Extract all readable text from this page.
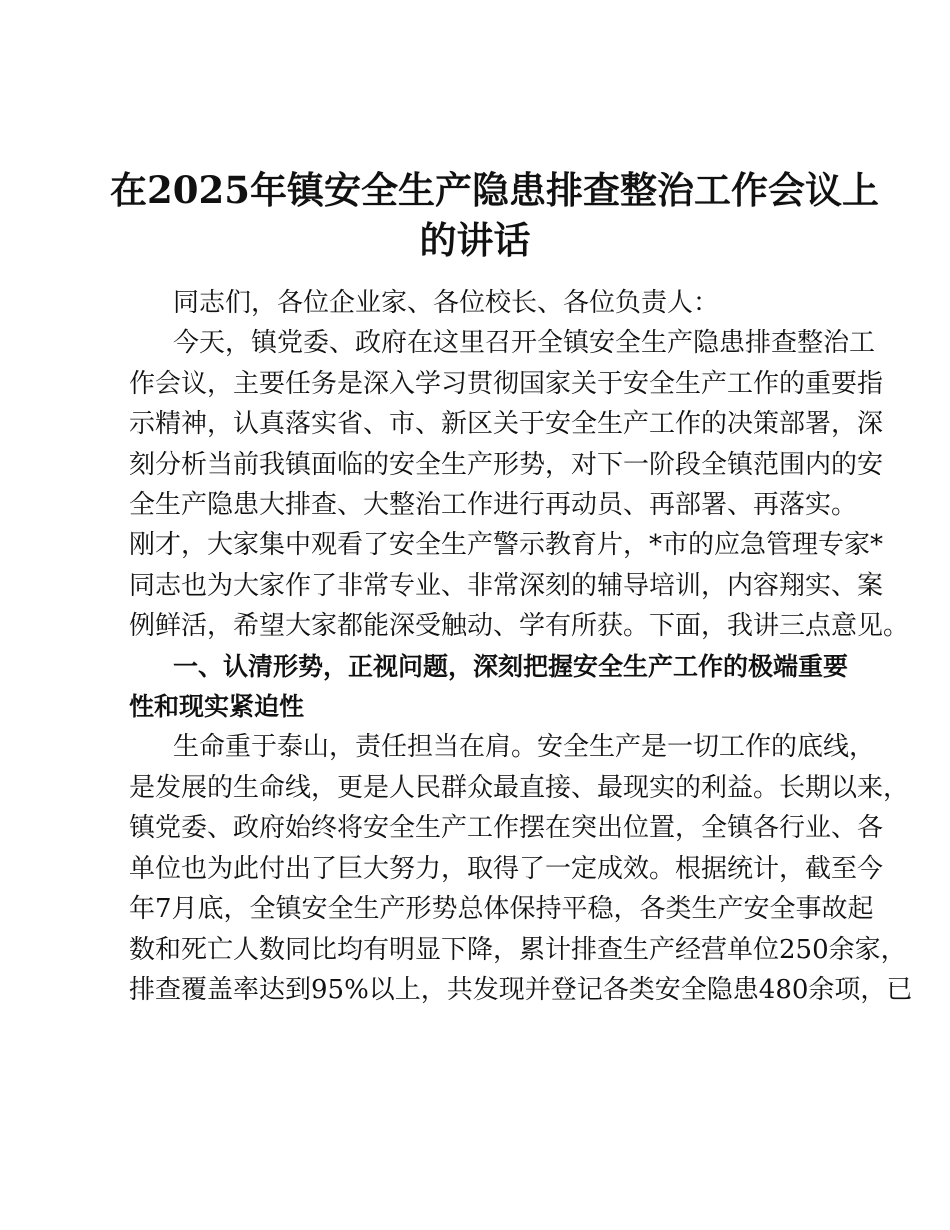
在2025年镇安全生产隐患排查整治工作会议上
的讲话
同志们，各位企业家、各位校长、各位负责人：
今天，镇党委、政府在这里召开全镇安全生产隐患排查整治工
作会议，主要任务是深入学习贯彻国家关于安全生产工作的重要指
示精神，认真落实省、市、新区关于安全生产工作的决策部署，深
刻分析当前我镇面临的安全生产形势，对下一阶段全镇范围内的安
全生产隐患大排查、大整治工作进行再动员、再部署、再落实。
刚才，大家集中观看了安全生产警示教育片，*市的应急管理专家*
同志也为大家作了非常专业、非常深刻的辅导培训，内容翔实、案
例鲜活，希望大家都能深受触动、学有所获。下面，我讲三点意见。
一、认清形势，正视问题，深刻把握安全生产工作的极端重要
性和现实紧迫性
生命重于泰山，责任担当在肩。安全生产是一切工作的底线，
是发展的生命线，更是人民群众最直接、最现实的利益。长期以来，
镇党委、政府始终将安全生产工作摆在突出位置，全镇各行业、各
单位也为此付出了巨大努力，取得了一定成效。根据统计，截至今
年7月底，全镇安全生产形势总体保持平稳，各类生产安全事故起
数和死亡人数同比均有明显下降，累计排查生产经营单位250余家，
排查覆盖率达到95%以上，共发现并登记各类安全隐患480余项，已
